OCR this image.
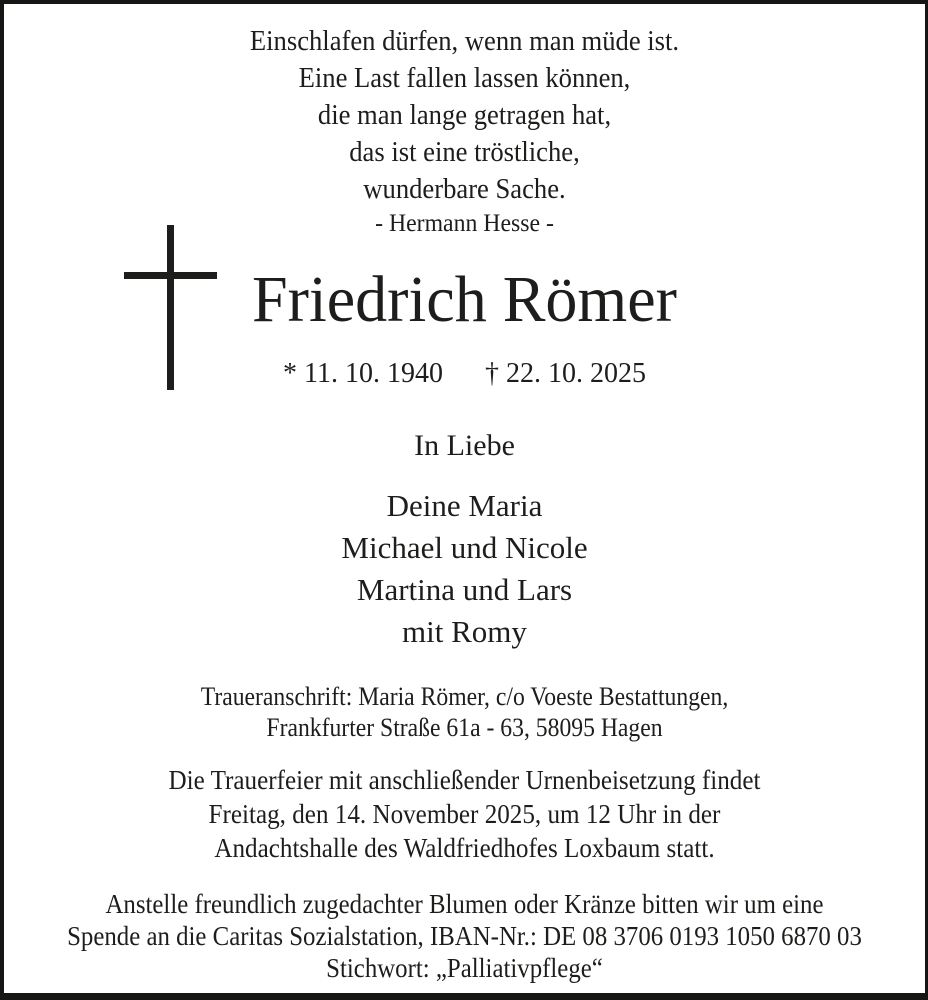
Einschlafen dürfen, wenn man müde ist.
Eine Last fallen lassen können,
die man lange getragen hat,
das ist eine tröstliche,
wunderbare Sache.
- Hermann Hesse -
Friedrich Römer
* 11. 10. 1940 † 22. 10. 2025
In Liebe
Deine Maria
Michael und Nicole
Martina und Lars
mit Romy
Traueranschrift: Maria Römer, c/o Voeste Bestattungen,
Frankfurter Straße 61a - 63, 58095 Hagen
Die Trauerfeier mit anschließender Urnenbeisetzung findet
Freitag, den 14. November 2025, um 12 Uhr in der
Andachtshalle des Waldfriedhofes Loxbaum statt.
Anstelle freundlich zugedachter Blumen oder Kränze bitten wir um eine
Spende an die Caritas Sozialstation, IBAN-Nr.: DE 08 3706 0193 1050 6870 03
Stichwort: „Palliativpflege“
